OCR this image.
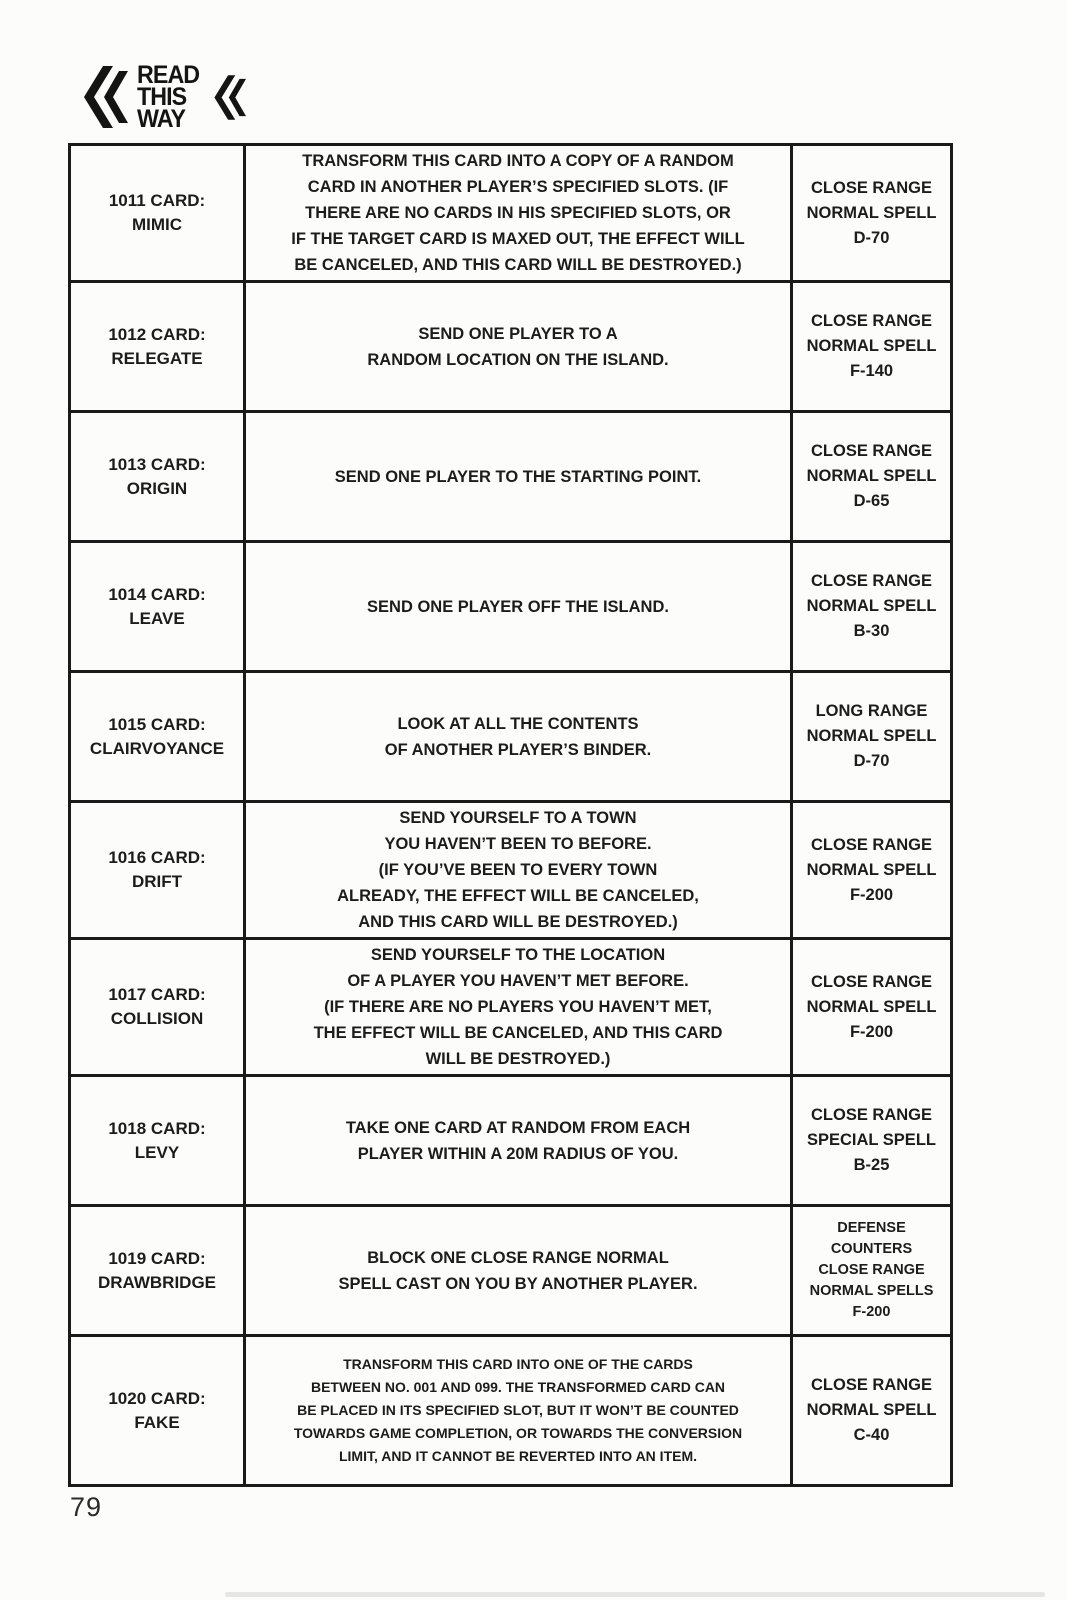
READ
THIS
WAY
1011 CARD:
MIMIC
	TRANSFORM THIS CARD INTO A COPY OF A RANDOM
CARD IN ANOTHER PLAYER’S SPECIFIED SLOTS. (IF
THERE ARE NO CARDS IN HIS SPECIFIED SLOTS, OR
IF THE TARGET CARD IS MAXED OUT, THE EFFECT WILL
BE CANCELED, AND THIS CARD WILL BE DESTROYED.)	CLOSE RANGE
NORMAL SPELL
D-70

1012 CARD:
RELEGATE
	SEND ONE PLAYER TO A
RANDOM LOCATION ON THE ISLAND.	CLOSE RANGE
NORMAL SPELL
F-140

1013 CARD:
ORIGIN
	SEND ONE PLAYER TO THE STARTING POINT.	CLOSE RANGE
NORMAL SPELL
D-65

1014 CARD:
LEAVE
	SEND ONE PLAYER OFF THE ISLAND.	CLOSE RANGE
NORMAL SPELL
B-30

1015 CARD:
CLAIRVOYANCE
	LOOK AT ALL THE CONTENTS
OF ANOTHER PLAYER’S BINDER.	LONG RANGE
NORMAL SPELL
D-70

1016 CARD:
DRIFT
	SEND YOURSELF TO A TOWN
YOU HAVEN’T BEEN TO BEFORE.
(IF YOU’VE BEEN TO EVERY TOWN
ALREADY, THE EFFECT WILL BE CANCELED,
AND THIS CARD WILL BE DESTROYED.)	CLOSE RANGE
NORMAL SPELL
F-200

1017 CARD:
COLLISION
	SEND YOURSELF TO THE LOCATION
OF A PLAYER YOU HAVEN’T MET BEFORE.
(IF THERE ARE NO PLAYERS YOU HAVEN’T MET,
THE EFFECT WILL BE CANCELED, AND THIS CARD
WILL BE DESTROYED.)	CLOSE RANGE
NORMAL SPELL
F-200

1018 CARD:
LEVY
	TAKE ONE CARD AT RANDOM FROM EACH
PLAYER WITHIN A 20M RADIUS OF YOU.	CLOSE RANGE
SPECIAL SPELL
B-25

1019 CARD:
DRAWBRIDGE
	BLOCK ONE CLOSE RANGE NORMAL
SPELL CAST ON YOU BY ANOTHER PLAYER.	DEFENSE
COUNTERS
CLOSE RANGE
NORMAL SPELLS
F-200

1020 CARD:
FAKE
	TRANSFORM THIS CARD INTO ONE OF THE CARDS
BETWEEN NO. 001 AND 099. THE TRANSFORMED CARD CAN
BE PLACED IN ITS SPECIFIED SLOT, BUT IT WON’T BE COUNTED
TOWARDS GAME COMPLETION, OR TOWARDS THE CONVERSION
LIMIT, AND IT CANNOT BE REVERTED INTO AN ITEM.	CLOSE RANGE
NORMAL SPELL
C-40
79
